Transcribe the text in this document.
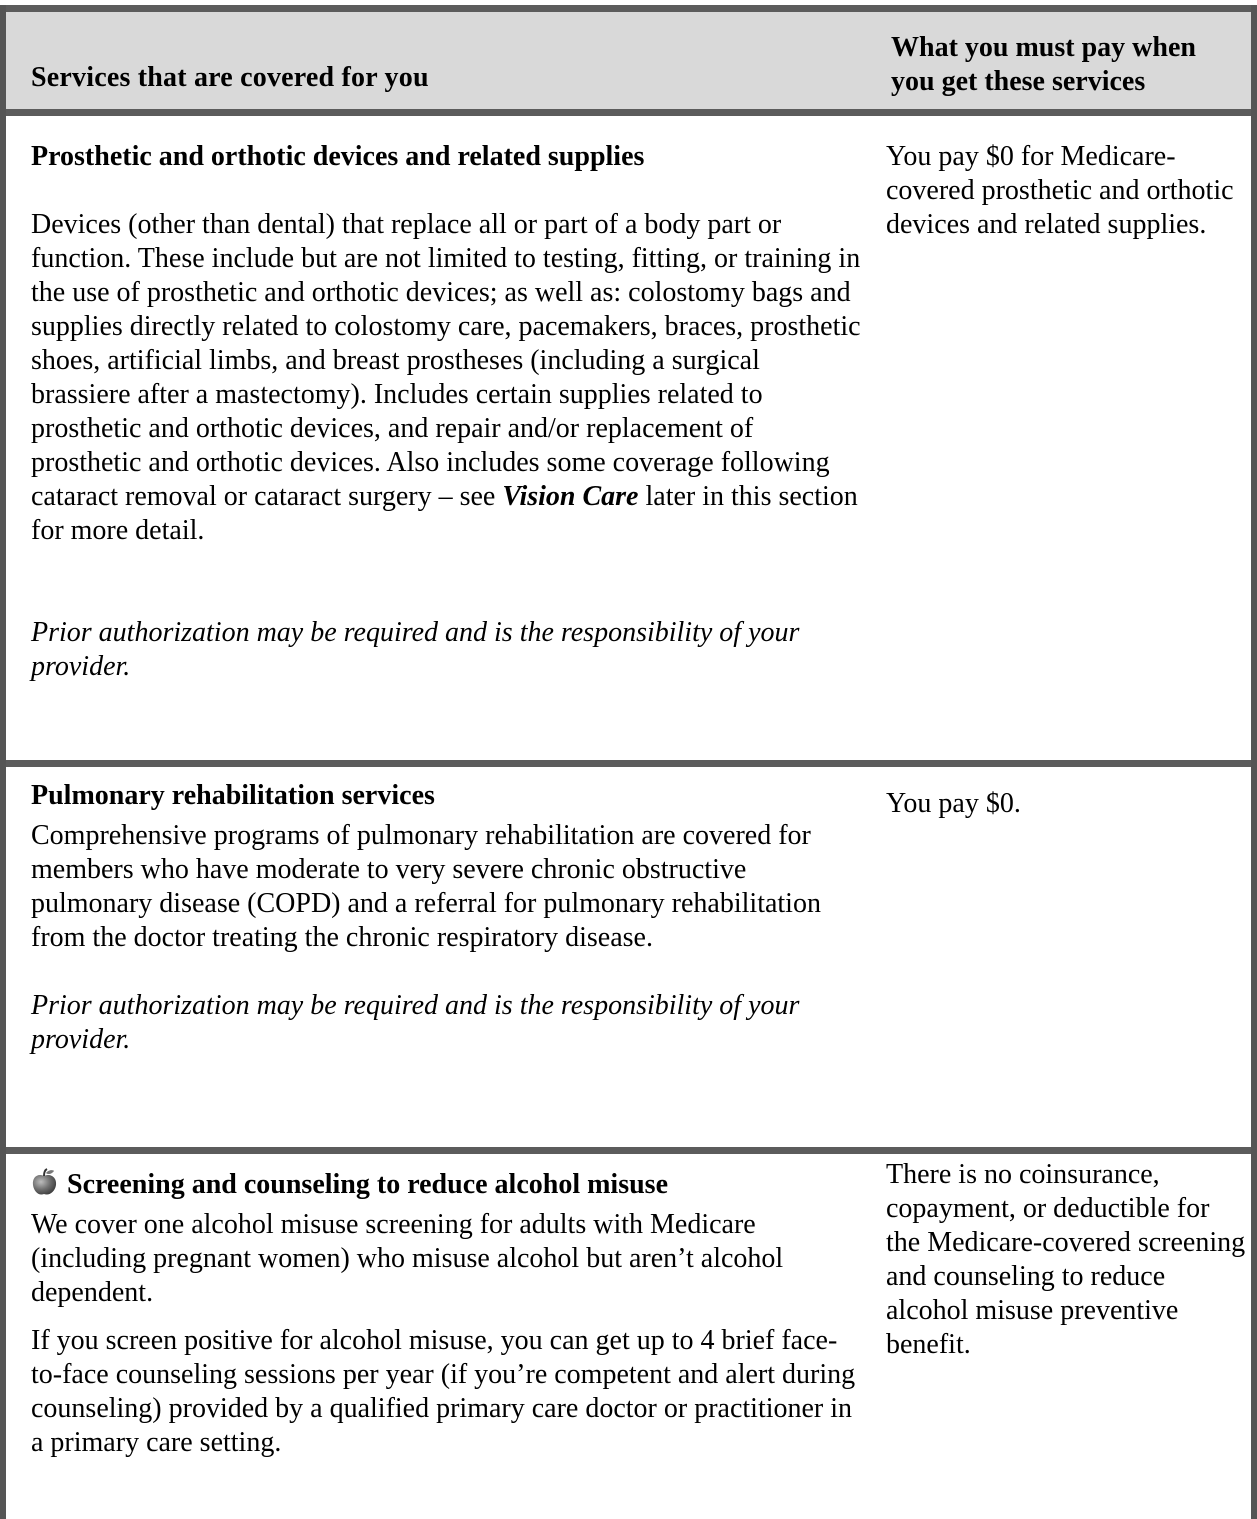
Services that are covered for you
What you must pay when you get these services

Prosthetic and orthotic devices and related supplies

Devices (other than dental) that replace all or part of a body part or function. These include but are not limited to testing, fitting, or training in the use of prosthetic and orthotic devices; as well as: colostomy bags and supplies directly related to colostomy care, pacemakers, braces, prosthetic shoes, artificial limbs, and breast prostheses (including a surgical brassiere after a mastectomy). Includes certain supplies related to prosthetic and orthotic devices, and repair and/or replacement of prosthetic and orthotic devices. Also includes some coverage following cataract removal or cataract surgery – see Vision Care later in this section for more detail.

Prior authorization may be required and is the responsibility of your provider.

You pay $0 for Medicare-covered prosthetic and orthotic devices and related supplies.

Pulmonary rehabilitation services

Comprehensive programs of pulmonary rehabilitation are covered for members who have moderate to very severe chronic obstructive pulmonary disease (COPD) and a referral for pulmonary rehabilitation from the doctor treating the chronic respiratory disease.

Prior authorization may be required and is the responsibility of your provider.

You pay $0.

Screening and counseling to reduce alcohol misuse

We cover one alcohol misuse screening for adults with Medicare (including pregnant women) who misuse alcohol but aren’t alcohol dependent.

If you screen positive for alcohol misuse, you can get up to 4 brief face-to-face counseling sessions per year (if you’re competent and alert during counseling) provided by a qualified primary care doctor or practitioner in a primary care setting.

There is no coinsurance, copayment, or deductible for the Medicare-covered screening and counseling to reduce alcohol misuse preventive benefit.
